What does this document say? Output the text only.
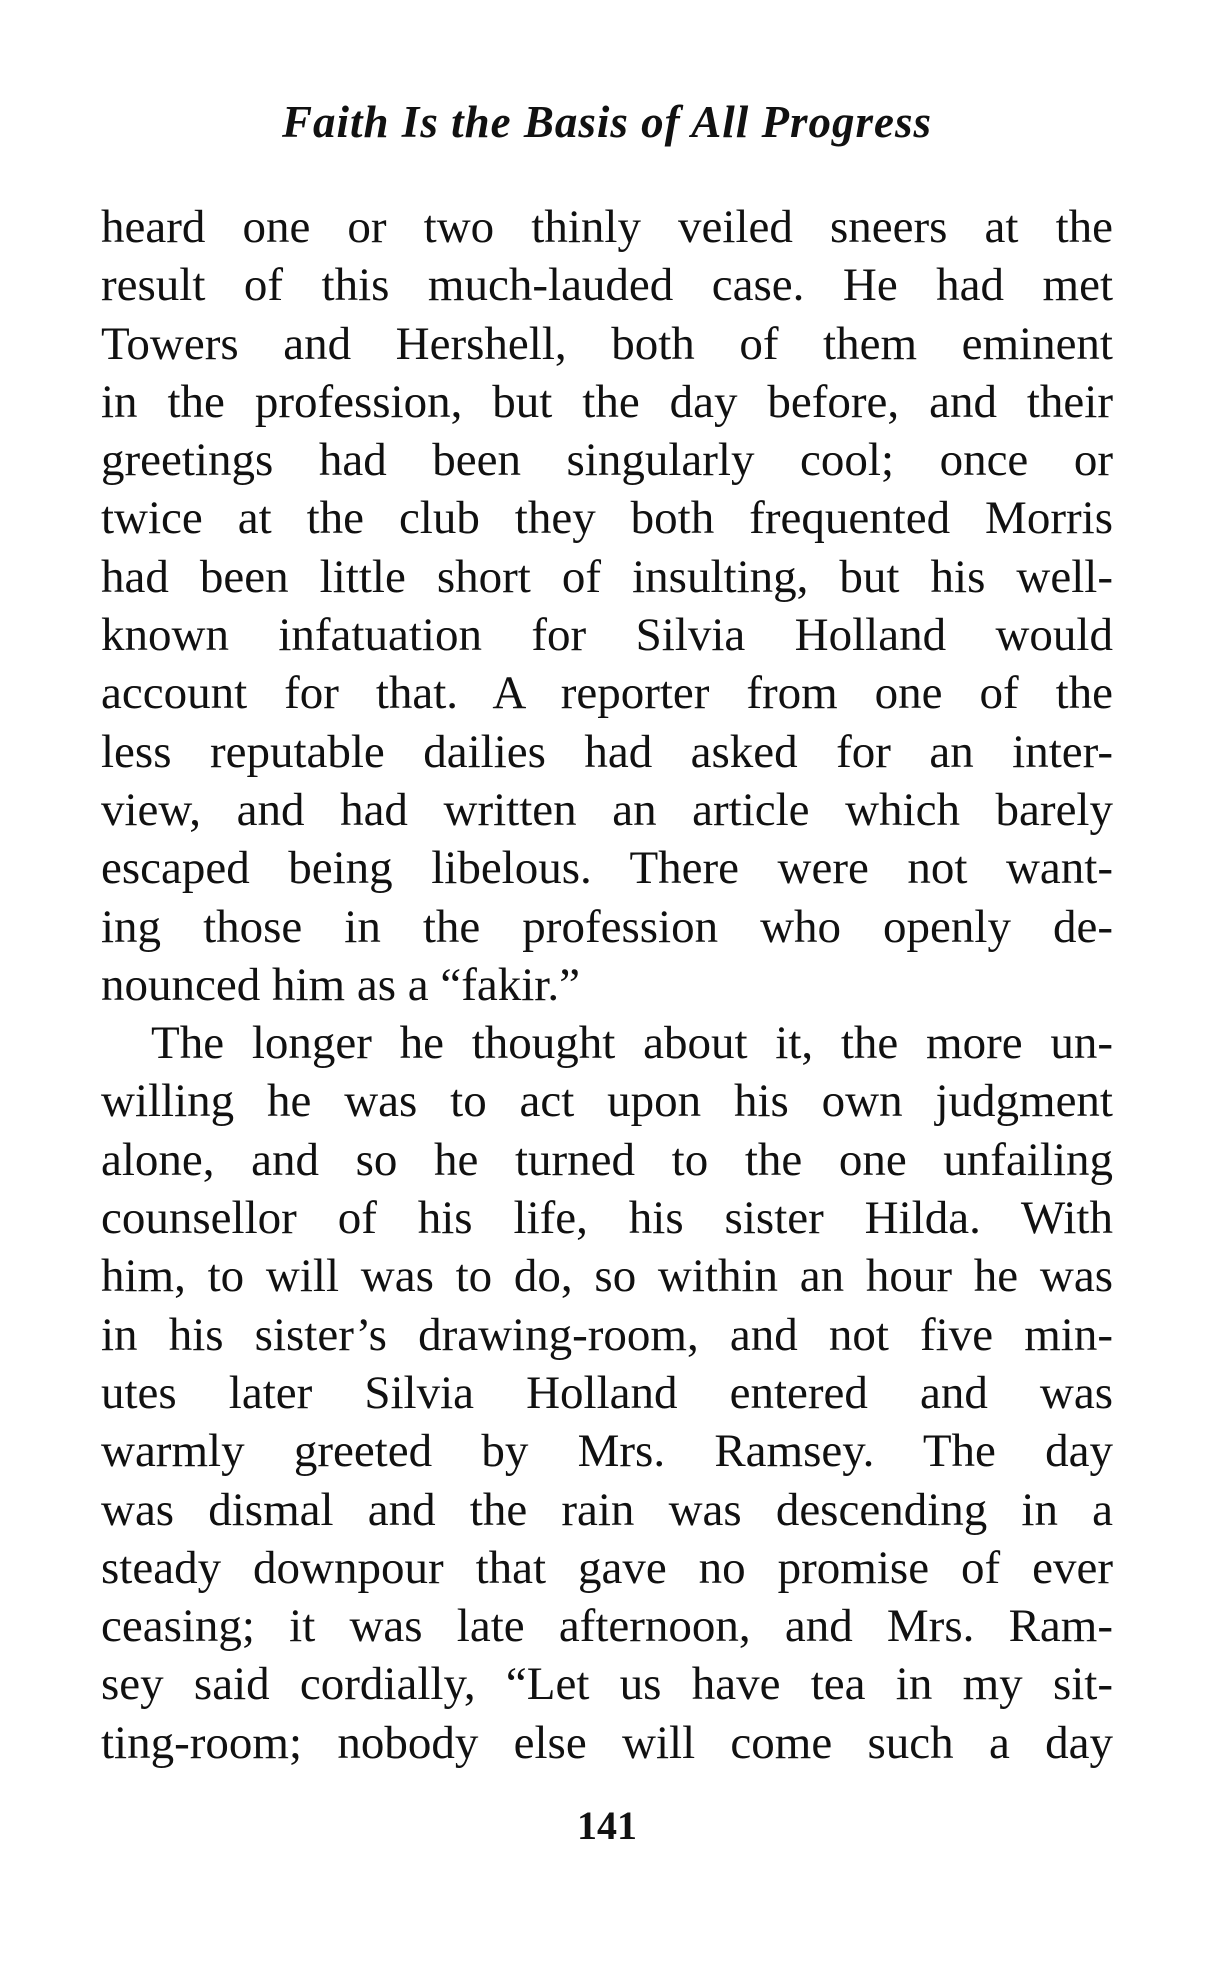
Faith Is the Basis of All Progress
heard one or two thinly veiled sneers at the
result of this much-lauded case. He had met
Towers and Hershell, both of them eminent
in the profession, but the day before, and their
greetings had been singularly cool; once or
twice at the club they both frequented Morris
had been little short of insulting, but his well-
known infatuation for Silvia Holland would
account for that. A reporter from one of the
less reputable dailies had asked for an inter-
view, and had written an article which barely
escaped being libelous. There were not want-
ing those in the profession who openly de-
nounced him as a “fakir.”
The longer he thought about it, the more un-
willing he was to act upon his own judgment
alone, and so he turned to the one unfailing
counsellor of his life, his sister Hilda. With
him, to will was to do, so within an hour he was
in his sister’s drawing-room, and not five min-
utes later Silvia Holland entered and was
warmly greeted by Mrs. Ramsey. The day
was dismal and the rain was descending in a
steady downpour that gave no promise of ever
ceasing; it was late afternoon, and Mrs. Ram-
sey said cordially, “Let us have tea in my sit-
ting-room; nobody else will come such a day
141
